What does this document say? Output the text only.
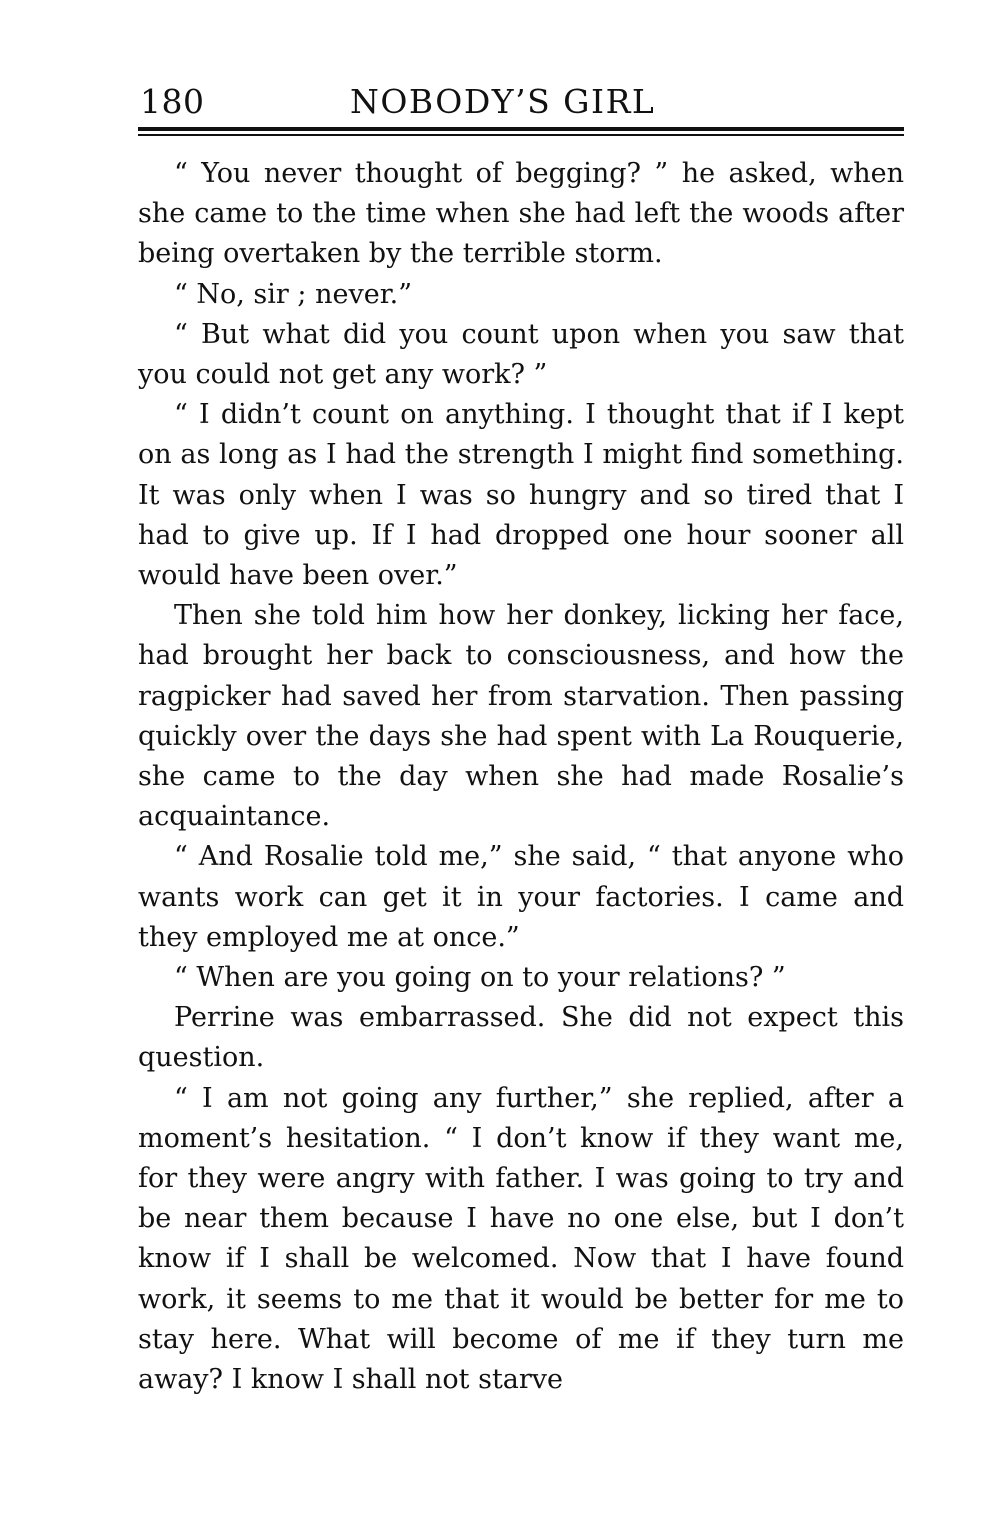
180	NOBODY’S GIRL

“ You never thought of begging? ” he asked, when she came to the time when she had left the woods after being overtaken by the terrible storm.

“ No, sir ; never.”

“ But what did you count upon when you saw that you could not get any work? ”

“ I didn’t count on anything. I thought that if I kept on as long as I had the strength I might find something. It was only when I was so hungry and so tired that I had to give up. If I had dropped one hour sooner all would have been over.”

Then she told him how her donkey, licking her face, had brought her back to consciousness, and how the ragpicker had saved her from starvation. Then passing quickly over the days she had spent with La Rouquerie, she came to the day when she had made Rosalie’s acquaintance.

“ And Rosalie told me,” she said, “ that anyone who wants work can get it in your factories. I came and they employed me at once.”

“ When are you going on to your relations? ”

Perrine was embarrassed. She did not expect this question.

“ I am not going any further,” she replied, after a moment’s hesitation. “ I don’t know if they want me, for they were angry with father. I was going to try and be near them because I have no one else, but I don’t know if I shall be welcomed. Now that I have found work, it seems to me that it would be better for me to stay here. What will become of me if they turn me away? I know I shall not starve
